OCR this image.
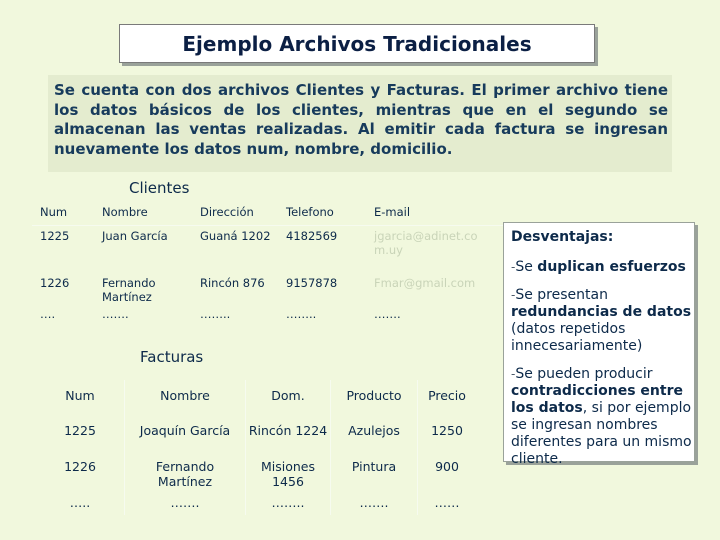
Ejemplo Archivos Tradicionales
Se cuenta con dos archivos Clientes y Facturas. El primer archivo tiene los datos básicos de los clientes, mientras que en el segundo se almacenan las ventas realizadas. Al emitir cada factura se ingresan nuevamente los datos num, nombre, domicilio.
Clientes
Num	Nombre	Dirección	Telefono	E-mail
1225	Juan García	Guaná 1202	4182569	jgarcia@adinet.co m.uy
1226	Fernando Martínez	Rincón 876	9157878	Fmar@gmail.com
….	…….	……..	……..	…….
Facturas
Num	Nombre	Dom.	Producto	Precio
1225	Joaquín García	Rincón 1224	Azulejos	1250
1226	Fernando Martínez	Misiones 1456	Pintura	900
…..	…….	……..	…….	……
Desventajas:
-Se duplican esfuerzos
-Se presentan redundancias de datos (datos repetidos innecesariamente)
-Se pueden producir contradicciones entre los datos, si por ejemplo se ingresan nombres diferentes para un mismo cliente.
